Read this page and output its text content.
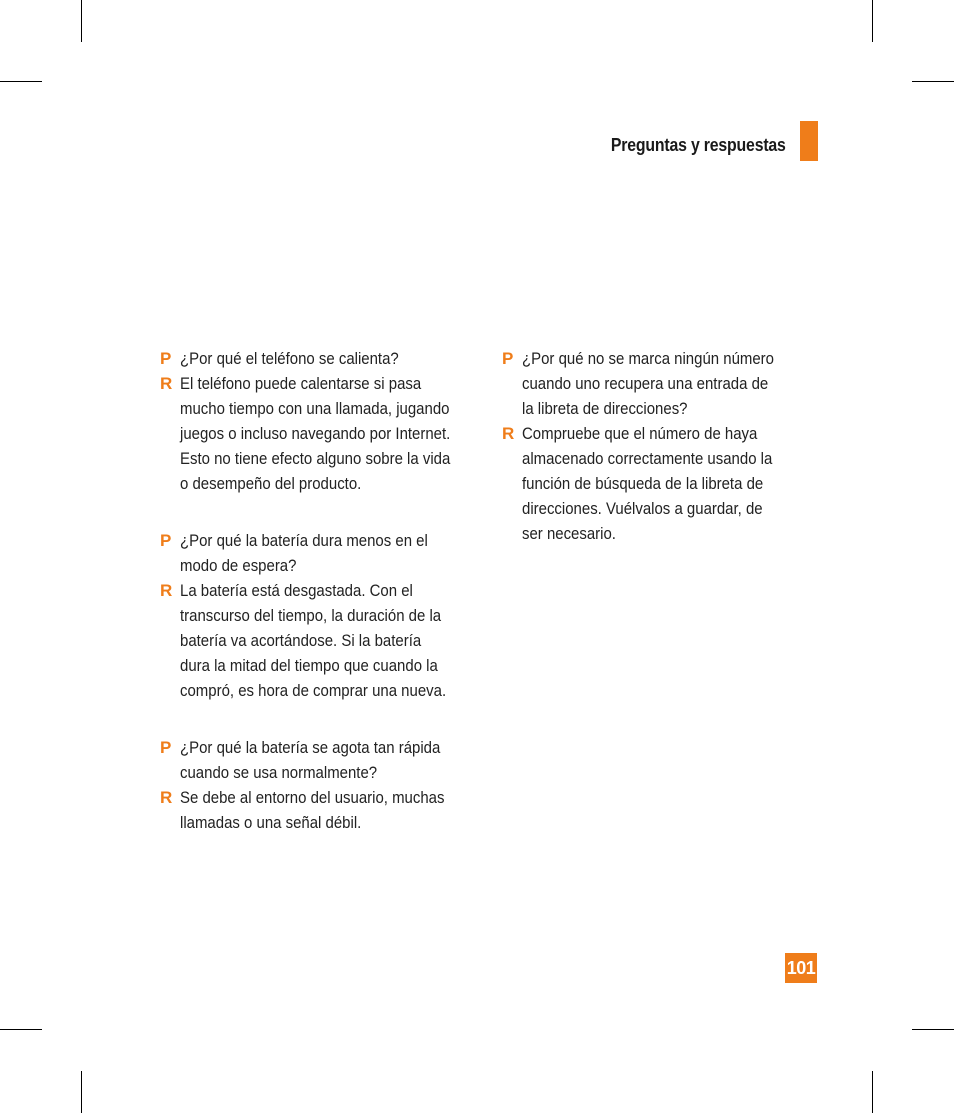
Preguntas y respuestas
P ¿Por qué el teléfono se calienta?
R El teléfono puede calentarse si pasa mucho tiempo con una llamada, jugando juegos o incluso navegando por Internet. Esto no tiene efecto alguno sobre la vida o desempeño del producto.
P ¿Por qué la batería dura menos en el modo de espera?
R La batería está desgastada. Con el transcurso del tiempo, la duración de la batería va acortándose. Si la batería dura la mitad del tiempo que cuando la compró, es hora de comprar una nueva.
P ¿Por qué la batería se agota tan rápida cuando se usa normalmente?
R Se debe al entorno del usuario, muchas llamadas o una señal débil.
P ¿Por qué no se marca ningún número cuando uno recupera una entrada de la libreta de direcciones?
R Compruebe que el número de haya almacenado correctamente usando la función de búsqueda de la libreta de direcciones. Vuélvalos a guardar, de ser necesario.
101
